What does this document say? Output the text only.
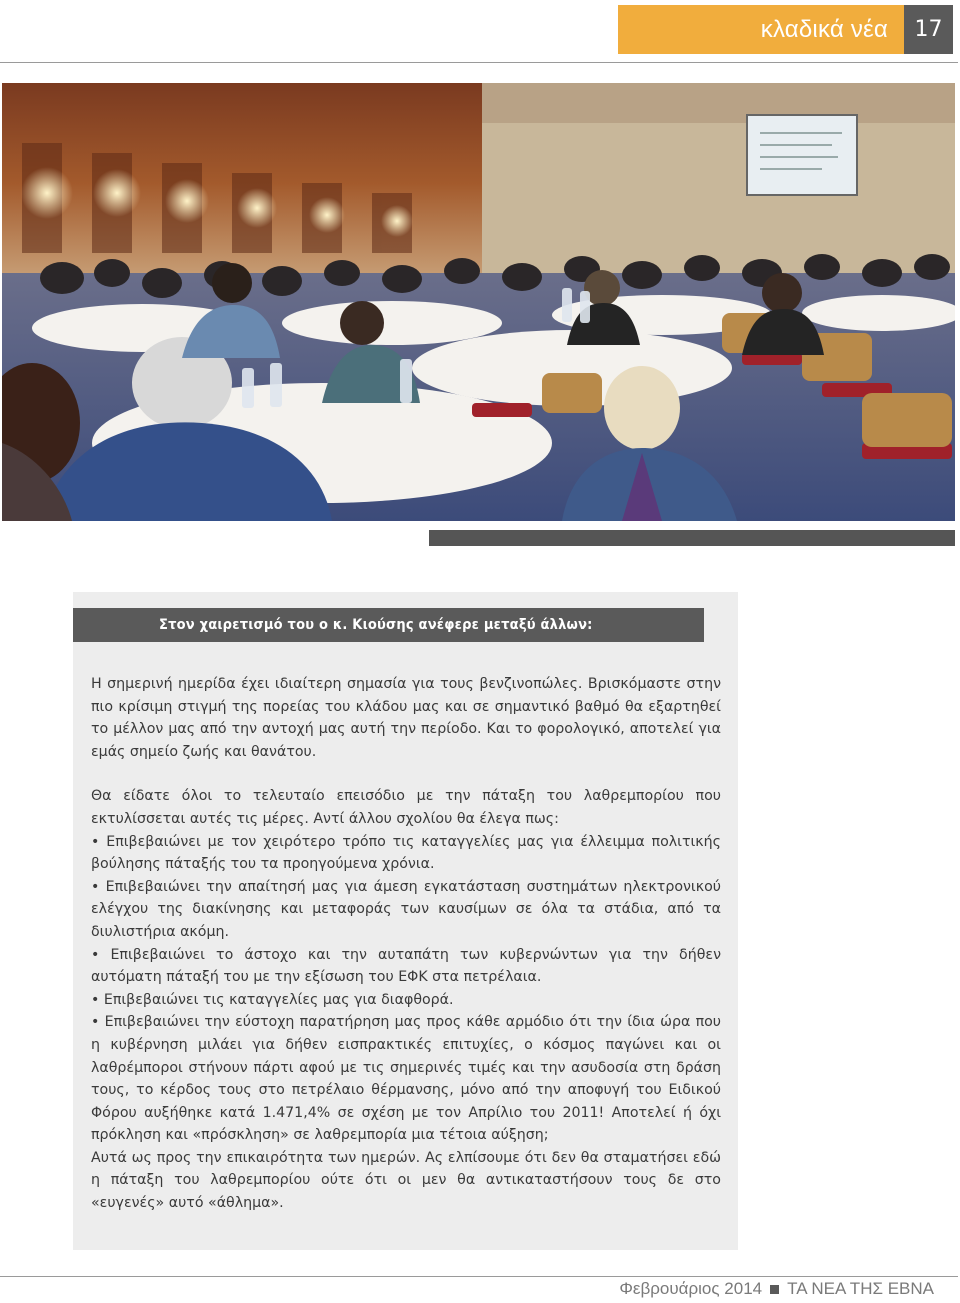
κλαδικά νέα 17
Στον χαιρετισμό του ο κ. Κιούσης ανέφερε μεταξύ άλλων:

Η σημερινή ημερίδα έχει ιδιαίτερη σημασία για τους βενζινοπώλες. Βρισκόμαστε στην πιο κρίσιμη στιγμή της πορείας του κλάδου μας και σε σημαντικό βαθμό θα εξαρτηθεί το μέλλον μας από την αντοχή μας αυτή την περίοδο. Και το φορολογικό, αποτελεί για εμάς σημείο ζωής και θανάτου.

Θα είδατε όλοι το τελευταίο επεισόδιο με την πάταξη του λαθρεμπορίου που εκτυλίσσεται αυτές τις μέρες. Αντί άλλου σχολίου θα έλεγα πως:

• Επιβεβαιώνει με τον χειρότερο τρόπο τις καταγγελίες μας για έλλειμμα πολιτικής βούλησης πάταξής του τα προηγούμενα χρόνια.

• Επιβεβαιώνει την απαίτησή μας για άμεση εγκατάσταση συστημάτων ηλεκτρονικού ελέγχου της διακίνησης και μεταφοράς των καυσίμων σε όλα τα στάδια, από τα διυλιστήρια ακόμη.

• Επιβεβαιώνει το άστοχο και την αυταπάτη των κυβερνώντων για την δήθεν αυτόματη πάταξή του με την εξίσωση του ΕΦΚ στα πετρέλαια.

• Επιβεβαιώνει τις καταγγελίες μας για διαφθορά.

• Επιβεβαιώνει την εύστοχη παρατήρηση μας προς κάθε αρμόδιο ότι την ίδια ώρα που η κυβέρνηση μιλάει για δήθεν εισπρακτικές επιτυχίες, ο κόσμος παγώνει και οι λαθρέμποροι στήνουν πάρτι αφού με τις σημερινές τιμές και την ασυδοσία στη δράση τους, το κέρδος τους στο πετρέλαιο θέρμανσης, μόνο από την αποφυγή του Ειδικού Φόρου αυξήθηκε κατά 1.471,4% σε σχέση με τον Απρίλιο του 2011! Αποτελεί ή όχι πρόκληση και «πρόσκληση» σε λαθρεμπορία μια τέτοια αύξηση;

Αυτά ως προς την επικαιρότητα των ημερών. Ας ελπίσουμε ότι δεν θα σταματήσει εδώ η πάταξη του λαθρεμπορίου ούτε ότι οι μεν θα αντικαταστήσουν τους δε στο «ευγενές» αυτό «άθλημα».

Φεβρουάριος 2014 ΤΑ ΝΕΑ ΤΗΣ ΕΒΝΑ
